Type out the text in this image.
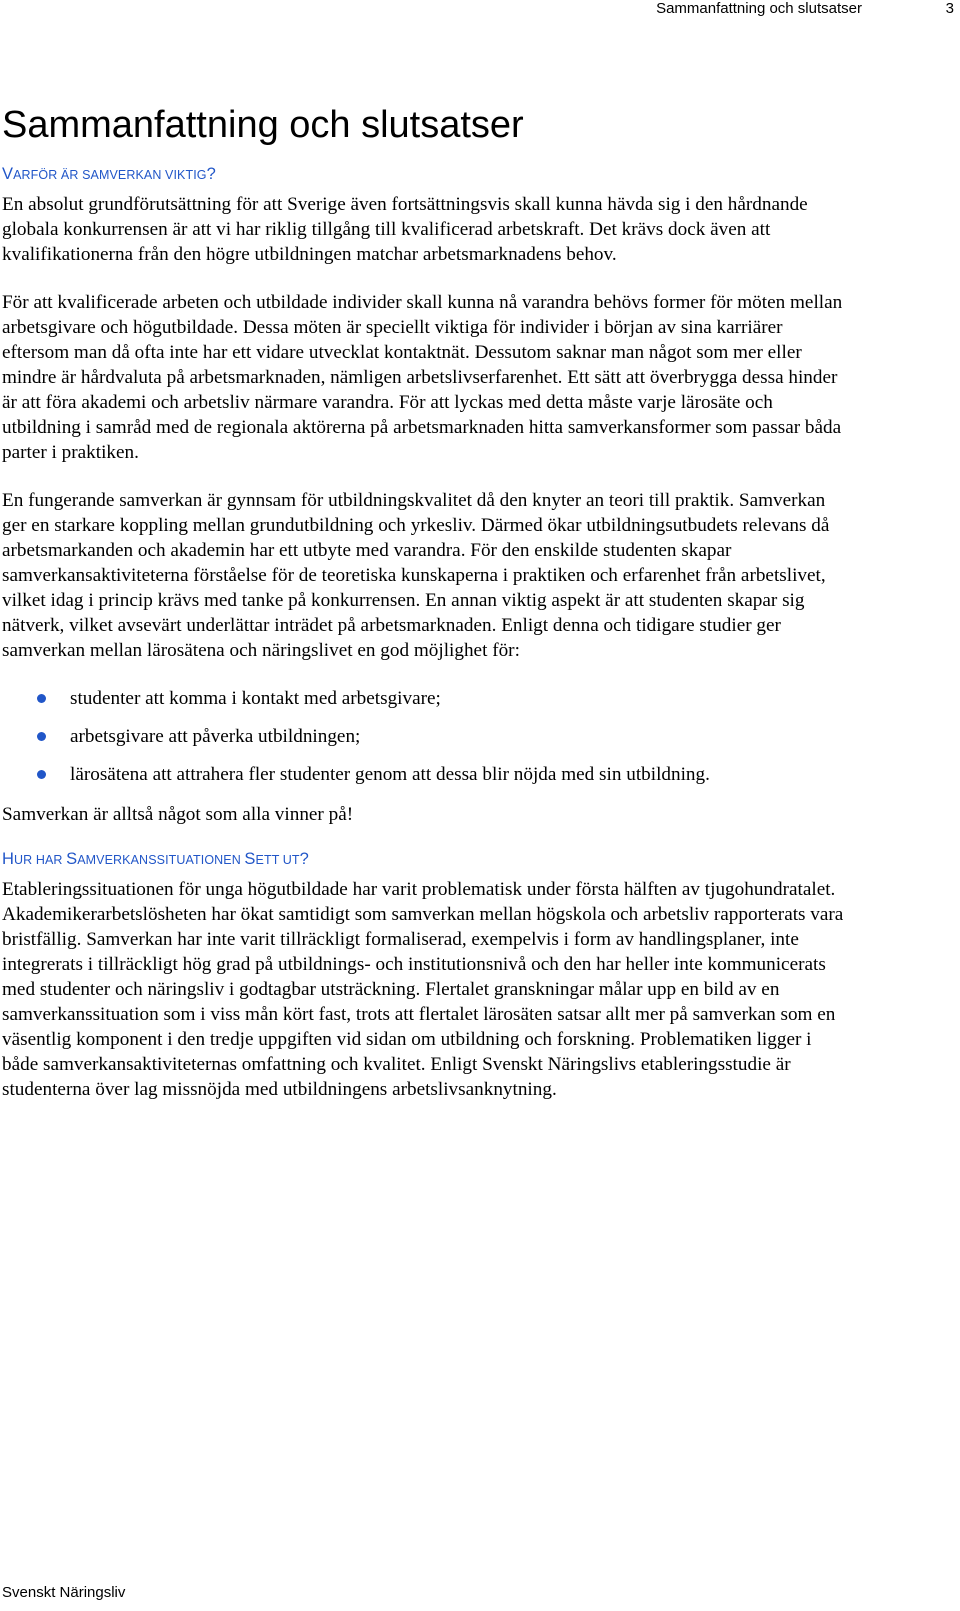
Sammanfattning och slutsatser	3
Sammanfattning och slutsatser
VARFÖR ÄR SAMVERKAN VIKTIG?

En absolut grundförutsättning för att Sverige även fortsättningsvis skall kunna hävda sig i den hårdnande globala konkurrensen är att vi har riklig tillgång till kvalificerad arbetskraft. Det krävs dock även att kvalifikationerna från den högre utbildningen matchar arbetsmarknadens behov.

För att kvalificerade arbeten och utbildade individer skall kunna nå varandra behövs former för möten mellan arbetsgivare och högutbildade. Dessa möten är speciellt viktiga för individer i början av sina karriärer eftersom man då ofta inte har ett vidare utvecklat kontaktnät. Dessutom saknar man något som mer eller mindre är hårdvaluta på arbetsmarknaden, nämligen arbetslivserfarenhet. Ett sätt att överbrygga dessa hinder är att föra akademi och arbetsliv närmare varandra. För att lyckas med detta måste varje lärosäte och utbildning i samråd med de regionala aktörerna på arbetsmarknaden hitta samverkansformer som passar båda parter i praktiken.

En fungerande samverkan är gynnsam för utbildningskvalitet då den knyter an teori till praktik. Samverkan ger en starkare koppling mellan grundutbildning och yrkesliv. Därmed ökar utbildningsutbudets relevans då arbetsmarkanden och akademin har ett utbyte med varandra. För den enskilde studenten skapar samverkansaktiviteterna förståelse för de teoretiska kunskaperna i praktiken och erfarenhet från arbetslivet, vilket idag i princip krävs med tanke på konkurrensen. En annan viktig aspekt är att studenten skapar sig nätverk, vilket avsevärt underlättar inträdet på arbetsmarknaden. Enligt denna och tidigare studier ger samverkan mellan lärosätena och näringslivet en god möjlighet för:

studenter att komma i kontakt med arbetsgivare;
arbetsgivare att påverka utbildningen;
lärosätena att attrahera fler studenter genom att dessa blir nöjda med sin utbildning.

Samverkan är alltså något som alla vinner på!

HUR HAR SAMVERKANSSITUATIONEN SETT UT?

Etableringssituationen för unga högutbildade har varit problematisk under första hälften av tjugohundratalet. Akademikerarbetslösheten har ökat samtidigt som samverkan mellan högskola och arbetsliv rapporterats vara bristfällig. Samverkan har inte varit tillräckligt formaliserad, exempelvis i form av handlingsplaner, inte integrerats i tillräckligt hög grad på utbildnings- och institutionsnivå och den har heller inte kommunicerats med studenter och näringsliv i godtagbar utsträckning. Flertalet granskningar målar upp en bild av en samverkanssituation som i viss mån kört fast, trots att flertalet lärosäten satsar allt mer på samverkan som en väsentlig komponent i den tredje uppgiften vid sidan om utbildning och forskning. Problematiken ligger i både samverkansaktiviteternas omfattning och kvalitet. Enligt Svenskt Näringslivs etableringsstudie är studenterna över lag missnöjda med utbildningens arbetslivsanknytning.

Svenskt Näringsliv
